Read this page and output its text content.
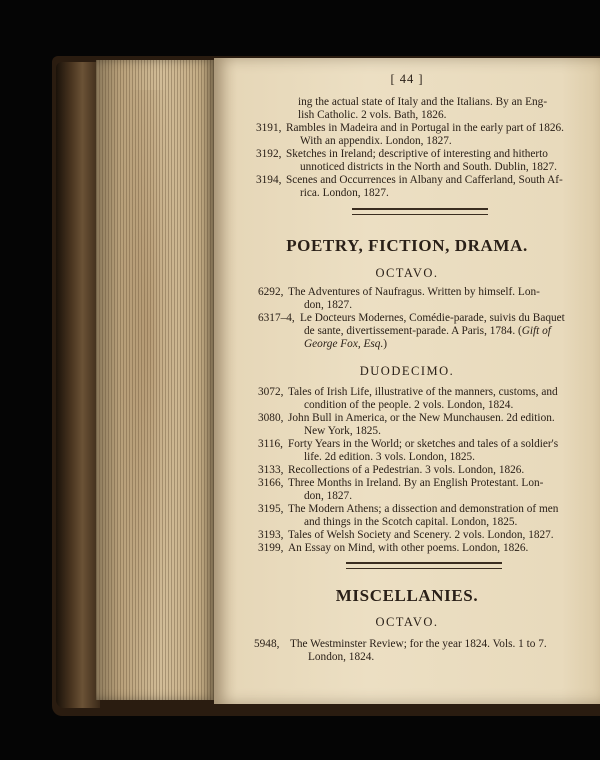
[ 44 ]
ing the actual state of Italy and the Italians. By an Eng-
lish Catholic. 2 vols. Bath, 1826.
3191, Rambles in Madeira and in Portugal in the early part of 1826.
With an appendix. London, 1827.
3192, Sketches in Ireland; descriptive of interesting and hitherto
unnoticed districts in the North and South. Dublin, 1827.
3194, Scenes and Occurrences in Albany and Cafferland, South Af-
rica. London, 1827.
POETRY, FICTION, DRAMA.
OCTAVO.
6292, The Adventures of Naufragus. Written by himself. Lon-
don, 1827.
6317–4, Le Docteurs Modernes, Comédie-parade, suivis du Baquet
de sante, divertissement-parade. A Paris, 1784. (Gift of
George Fox, Esq.)
DUODECIMO.
3072, Tales of Irish Life, illustrative of the manners, customs, and
condition of the people. 2 vols. London, 1824.
3080, John Bull in America, or the New Munchausen. 2d edition.
New York, 1825.
3116, Forty Years in the World; or sketches and tales of a soldier's
life. 2d edition. 3 vols. London, 1825.
3133, Recollections of a Pedestrian. 3 vols. London, 1826.
3166, Three Months in Ireland. By an English Protestant. Lon-
don, 1827.
3195, The Modern Athens; a dissection and demonstration of men
and things in the Scotch capital. London, 1825.
3193, Tales of Welsh Society and Scenery. 2 vols. London, 1827.
3199, An Essay on Mind, with other poems. London, 1826.
MISCELLANIES.
OCTAVO.
5948, The Westminster Review; for the year 1824. Vols. 1 to 7.
London, 1824.
